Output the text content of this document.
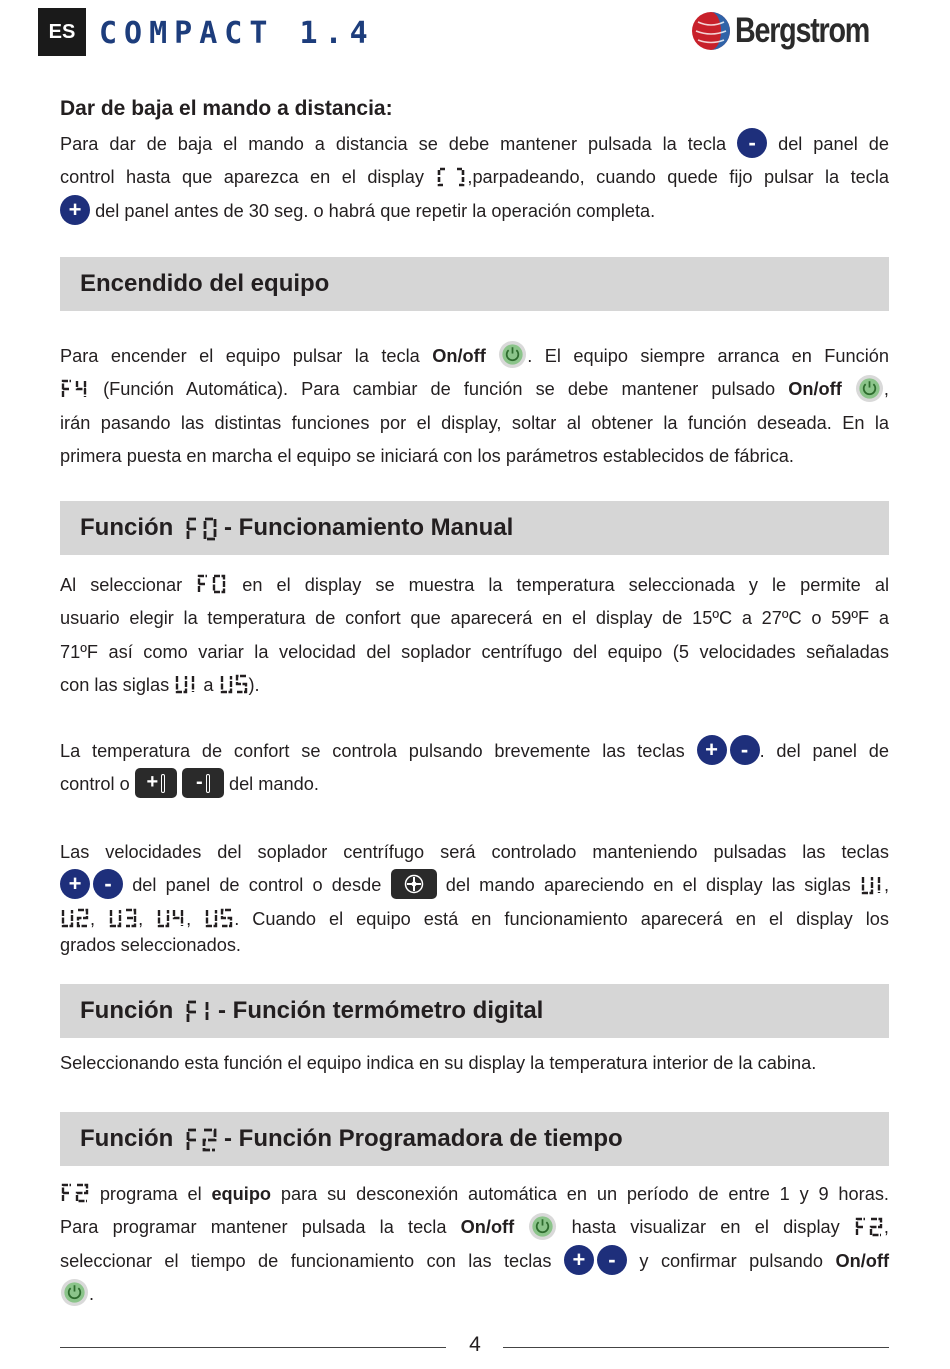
ES COMPACT 1.4	Bergstrom
Dar de baja el mando a distancia:
Para dar de baja el mando a distancia se debe mantener pulsada la tecla - del panel de
control hasta que aparezca en el display ,parpadeando, cuando quede fijo pulsar la tecla
+ del panel antes de 30 seg. o habrá que repetir la operación completa.
Encendido del equipo
Para encender el equipo pulsar la tecla On/off . El equipo siempre arranca en Función
(Función Automática). Para cambiar de función se debe mantener pulsado On/off ,
irán pasando las distintas funciones por el display, soltar al obtener la función deseada. En la
primera puesta en marcha el equipo se iniciará con los parámetros establecidos de fábrica.
Función - Funcionamiento Manual
Al seleccionar	en el display se muestra la temperatura seleccionada y le permite al
usuario elegir la temperatura de confort que aparecerá en el display de 15ºC a 27ºC o 59ºF a
71ºF así como variar la velocidad del soplador centrífugo del equipo (5 velocidades señaladas
con las siglas a ).
La temperatura de confort se controla pulsando brevemente las teclas + - . del panel de
control o +
- del mando.
Las velocidades del soplador centrífugo será controlado manteniendo pulsadas las teclas
+ - del panel de control o desde	del mando apareciendo en el display las siglas ,
, , , . Cuando el equipo está en funcionamiento aparecerá en el display los
grados seleccionados.
Función - Función termómetro digital
Seleccionando esta función el equipo indica en su display la temperatura interior de la cabina.
Función - Función Programadora de tiempo
programa el equipo para su desconexión automática en un período de entre 1 y 9 horas.
Para programar mantener pulsada la tecla On/off	hasta visualizar en el display ,
seleccionar el tiempo de funcionamiento con las teclas + - y confirmar pulsando On/off
.
4
